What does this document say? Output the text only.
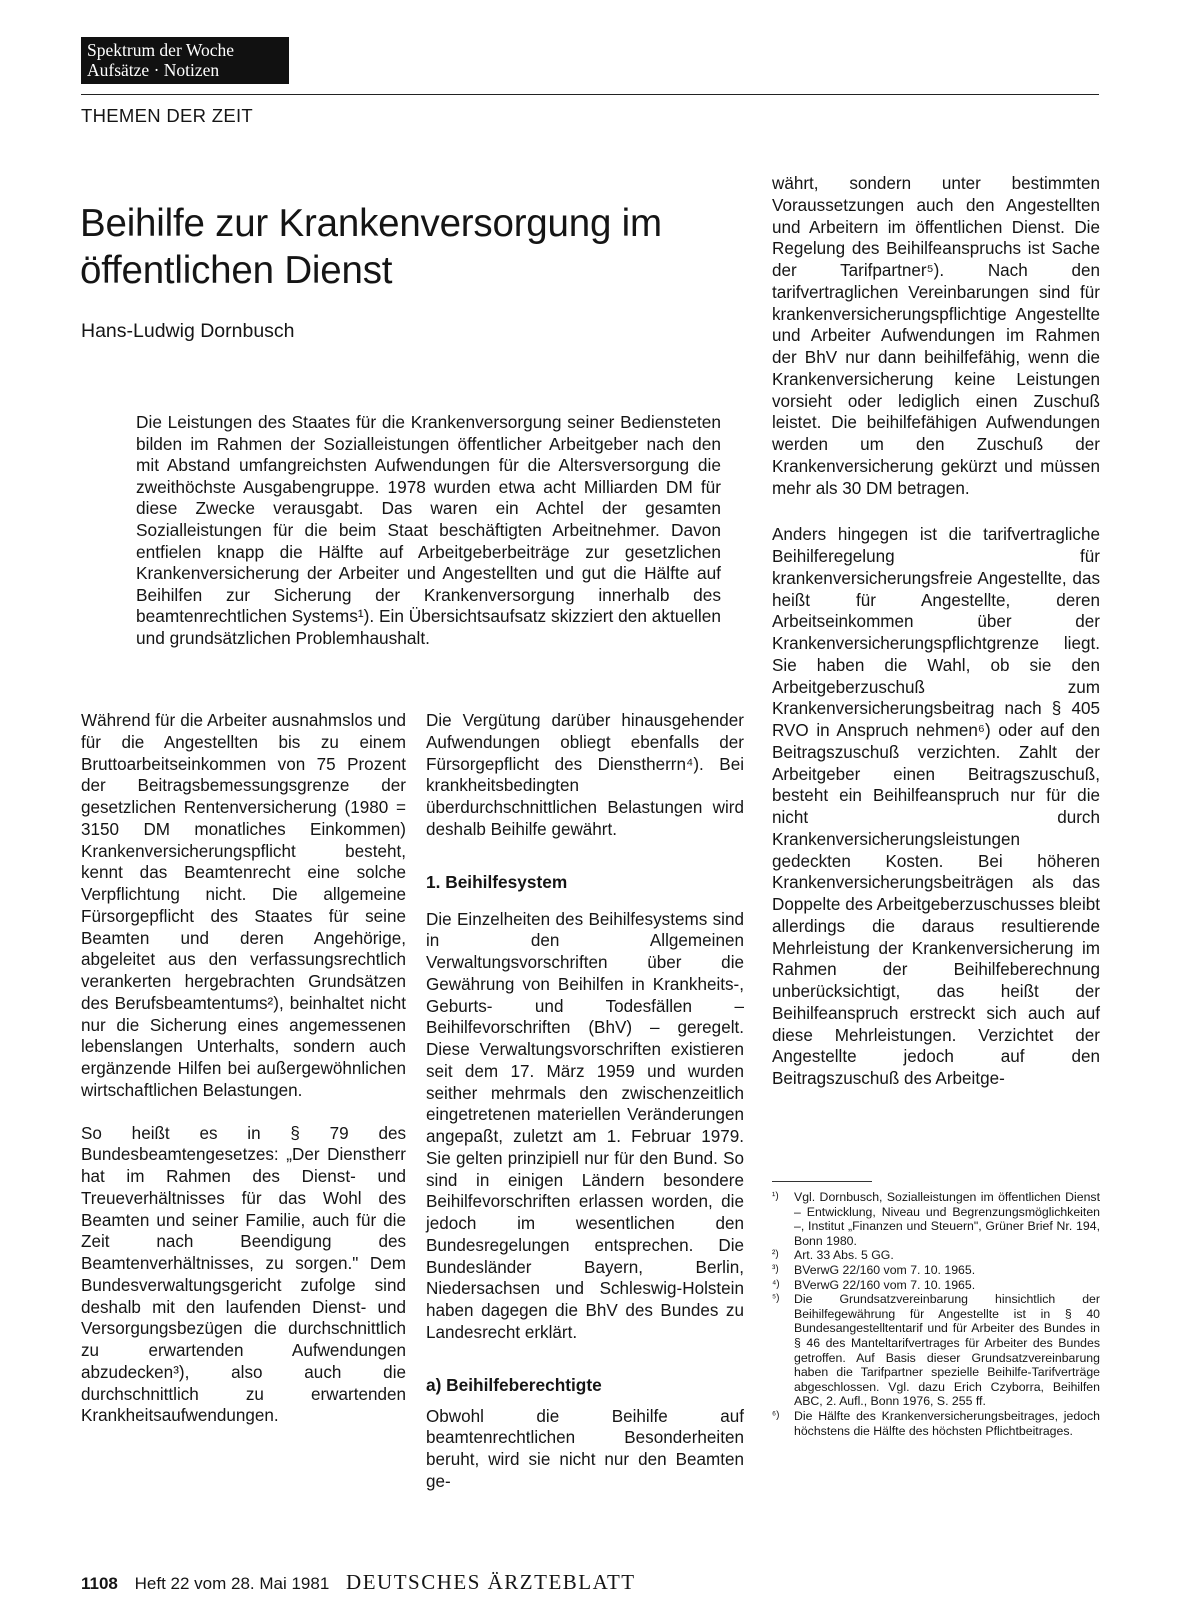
Spektrum der Woche
Aufsätze · Notizen
THEMEN DER ZEIT
Beihilfe zur Krankenversorgung im öffentlichen Dienst
Hans-Ludwig Dornbusch

Die Leistungen des Staates für die Krankenversorgung seiner Bediensteten bilden im Rahmen der Sozialleistungen öffentlicher Arbeitgeber nach den mit Abstand umfangreichsten Aufwendungen für die Altersversorgung die zweithöchste Ausgabengruppe. 1978 wurden etwa acht Milliarden DM für diese Zwecke verausgabt. Das waren ein Achtel der gesamten Sozialleistungen für die beim Staat beschäftigten Arbeitnehmer. Davon entfielen knapp die Hälfte auf Arbeitgeberbeiträge zur gesetzlichen Krankenversicherung der Arbeiter und Angestellten und gut die Hälfte auf Beihilfen zur Sicherung der Krankenversorgung innerhalb des beamtenrechtlichen Systems¹). Ein Übersichtsaufsatz skizziert den aktuellen und grundsätzlichen Problemhaushalt.

Während für die Arbeiter ausnahmslos und für die Angestellten bis zu einem Bruttoarbeitseinkommen von 75 Prozent der Beitragsbemessungsgrenze der gesetzlichen Rentenversicherung (1980 = 3150 DM monatliches Einkommen) Krankenversicherungspflicht besteht, kennt das Beamtenrecht eine solche Verpflichtung nicht. Die allgemeine Fürsorgepflicht des Staates für seine Beamten und deren Angehörige, abgeleitet aus den verfassungsrechtlich verankerten hergebrachten Grundsätzen des Berufsbeamtentums²), beinhaltet nicht nur die Sicherung eines angemessenen lebenslangen Unterhalts, sondern auch ergänzende Hilfen bei außergewöhnlichen wirtschaftlichen Belastungen.

So heißt es in § 79 des Bundesbeamtengesetzes: „Der Dienstherr hat im Rahmen des Dienst- und Treueverhältnisses für das Wohl des Beamten und seiner Familie, auch für die Zeit nach Beendigung des Beamtenverhältnisses, zu sorgen." Dem Bundesverwaltungsgericht zufolge sind deshalb mit den laufenden Dienst- und Versorgungsbezügen die durchschnittlich zu erwartenden Aufwendungen abzudecken³), also auch die durchschnittlich zu erwartenden Krankheitsaufwendungen.

Die Vergütung darüber hinausgehender Aufwendungen obliegt ebenfalls der Fürsorgepflicht des Dienstherrn⁴). Bei krankheitsbedingten überdurchschnittlichen Belastungen wird deshalb Beihilfe gewährt.

1. Beihilfesystem

Die Einzelheiten des Beihilfesystems sind in den Allgemeinen Verwaltungsvorschriften über die Gewährung von Beihilfen in Krankheits-, Geburts- und Todesfällen – Beihilfevorschriften (BhV) – geregelt. Diese Verwaltungsvorschriften existieren seit dem 17. März 1959 und wurden seither mehrmals den zwischenzeitlich eingetretenen materiellen Veränderungen angepaßt, zuletzt am 1. Februar 1979. Sie gelten prinzipiell nur für den Bund. So sind in einigen Ländern besondere Beihilfevorschriften erlassen worden, die jedoch im wesentlichen den Bundesregelungen entsprechen. Die Bundesländer Bayern, Berlin, Niedersachsen und Schleswig-Holstein haben dagegen die BhV des Bundes zu Landesrecht erklärt.

a) Beihilfeberechtigte

Obwohl die Beihilfe auf beamtenrechtlichen Besonderheiten beruht, wird sie nicht nur den Beamten ge-

währt, sondern unter bestimmten Voraussetzungen auch den Angestellten und Arbeitern im öffentlichen Dienst. Die Regelung des Beihilfeanspruchs ist Sache der Tarifpartner⁵). Nach den tarifvertraglichen Vereinbarungen sind für krankenversicherungspflichtige Angestellte und Arbeiter Aufwendungen im Rahmen der BhV nur dann beihilfefähig, wenn die Krankenversicherung keine Leistungen vorsieht oder lediglich einen Zuschuß leistet. Die beihilfefähigen Aufwendungen werden um den Zuschuß der Krankenversicherung gekürzt und müssen mehr als 30 DM betragen.

Anders hingegen ist die tarifvertragliche Beihilferegelung für krankenversicherungsfreie Angestellte, das heißt für Angestellte, deren Arbeitseinkommen über der Krankenversicherungspflichtgrenze liegt. Sie haben die Wahl, ob sie den Arbeitgeberzuschuß zum Krankenversicherungsbeitrag nach § 405 RVO in Anspruch nehmen⁶) oder auf den Beitragszuschuß verzichten. Zahlt der Arbeitgeber einen Beitragszuschuß, besteht ein Beihilfeanspruch nur für die nicht durch Krankenversicherungsleistungen gedeckten Kosten. Bei höheren Krankenversicherungsbeiträgen als das Doppelte des Arbeitgeberzuschusses bleibt allerdings die daraus resultierende Mehrleistung der Krankenversicherung im Rahmen der Beihilfeberechnung unberücksichtigt, das heißt der Beihilfeanspruch erstreckt sich auch auf diese Mehrleistungen. Verzichtet der Angestellte jedoch auf den Beitragszuschuß des Arbeitge-

¹) Vgl. Dornbusch, Sozialleistungen im öffentlichen Dienst – Entwicklung, Niveau und Begrenzungsmöglichkeiten –, Institut „Finanzen und Steuern", Grüner Brief Nr. 194, Bonn 1980.
²) Art. 33 Abs. 5 GG.
³) BVerwG 22/160 vom 7. 10. 1965.
⁴) BVerwG 22/160 vom 7. 10. 1965.
⁵) Die Grundsatzvereinbarung hinsichtlich der Beihilfegewährung für Angestellte ist in § 40 Bundesangestelltentarif und für Arbeiter des Bundes in § 46 des Manteltarifvertrages für Arbeiter des Bundes getroffen. Auf Basis dieser Grundsatzvereinbarung haben die Tarifpartner spezielle Beihilfe-Tarifverträge abgeschlossen. Vgl. dazu Erich Czyborra, Beihilfen ABC, 2. Aufl., Bonn 1976, S. 255 ff.
⁶) Die Hälfte des Krankenversicherungsbeitrages, jedoch höchstens die Hälfte des höchsten Pflichtbeitrages.
1108 Heft 22 vom 28. Mai 1981 DEUTSCHES ÄRZTEBLATT
